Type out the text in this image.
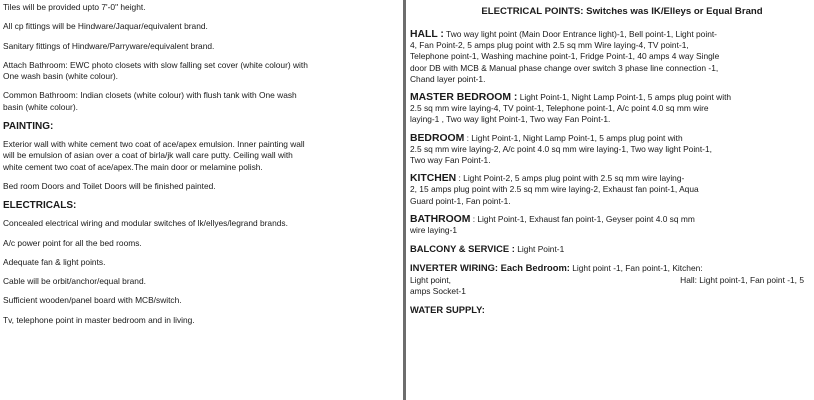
Tiles will be provided upto 7'-0" height.

All cp fittings will be Hindware/Jaquar/equivalent brand.

Sanitary fittings of Hindware/Parryware/equivalent brand.

Attach Bathroom: EWC photo closets with slow falling set cover (white colour) with
One wash basin (white colour).

Common Bathroom: Indian closets (white colour) with flush tank with One wash
basin (white colour).

PAINTING:

Exterior wall with white cement two coat of ace/apex emulsion. Inner painting wall
will be emulsion of asian over a coat of birla/jk wall care putty. Ceiling wall with
white cement two coat of ace/apex.The main door or melamine polish.

Bed room Doors and Toilet Doors will be finished painted.

ELECTRICALS:

Concealed electrical wiring and modular switches of lk/ellyes/legrand brands.

A/c power point for all the bed rooms.

Adequate fan & light points.

Cable will be orbit/anchor/equal brand.

Sufficient wooden/panel board with MCB/switch.

Tv, telephone point in master bedroom and in living.

ELECTRICAL POINTS: Switches was IK/Elleys or Equal Brand

HALL : Two way light point (Main Door Entrance light)-1, Bell point-1, Light point-
4, Fan Point-2, 5 amps plug point with 2.5 sq mm Wire laying-4, TV point-1,
Telephone point-1, Washing machine point-1, Fridge Point-1, 40 amps 4 way Single
door DB with MCB & Manual phase change over switch 3 phase line connection -1,
Chand layer point-1.

MASTER BEDROOM : Light Point-1, Night Lamp Point-1, 5 amps plug point with
2.5 sq mm wire laying-4, TV point-1, Telephone point-1, A/c point 4.0 sq mm wire
laying-1 , Two way light Point-1, Two way Fan Point-1.

BEDROOM : Light Point-1, Night Lamp Point-1, 5 amps plug point with
2.5 sq mm wire laying-2, A/c point 4.0 sq mm wire laying-1, Two way light Point-1,
Two way Fan Point-1.

KITCHEN : Light Point-2, 5 amps plug point with 2.5 sq mm wire laying-
2, 15 amps plug point with 2.5 sq mm wire laying-2, Exhaust fan point-1, Aqua
Guard point-1, Fan point-1.

BATHROOM : Light Point-1, Exhaust fan point-1, Geyser point 4.0 sq mm
wire laying-1

BALCONY & SERVICE : Light Point-1

INVERTER WIRING: Each Bedroom: Light point -1, Fan point-1, Kitchen:
Light point,	Hall: Light point-1, Fan point -1, 5
amps Socket-1

WATER SUPPLY:
